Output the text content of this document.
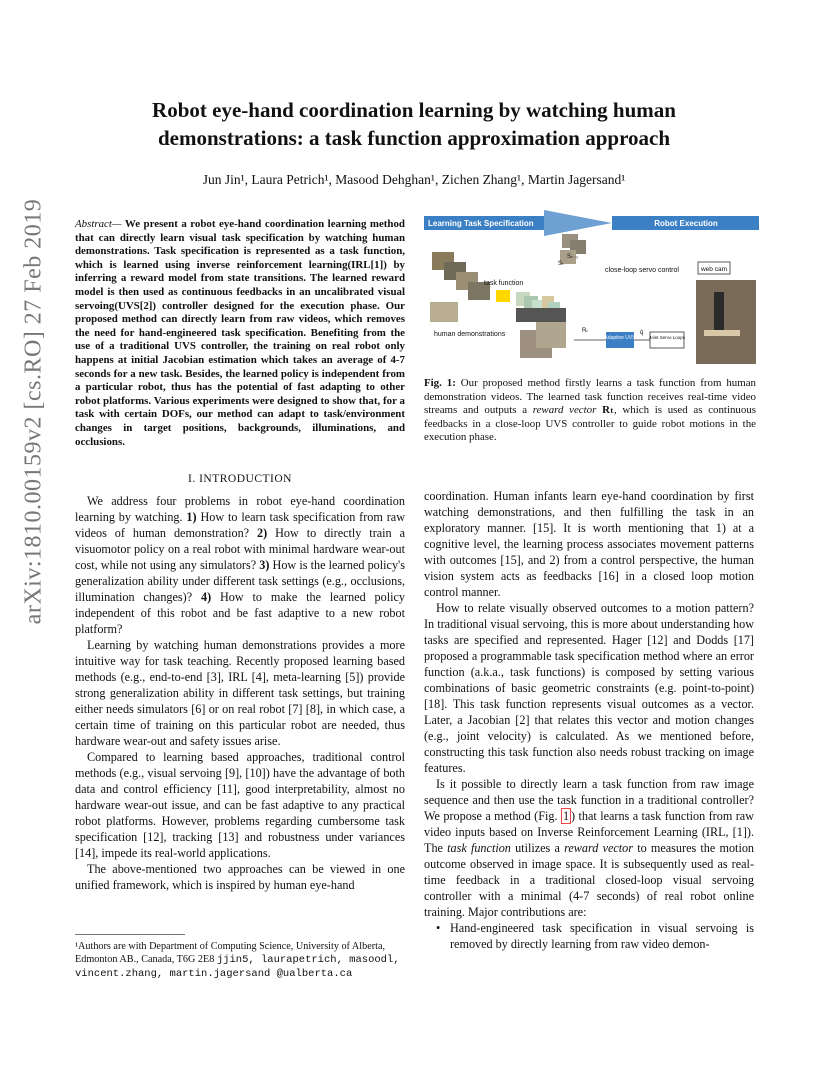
arXiv:1810.00159v2 [cs.RO] 27 Feb 2019
Robot eye-hand coordination learning by watching human
demonstrations: a task function approximation approach
Jun Jin¹, Laura Petrich¹, Masood Dehghan¹, Zichen Zhang¹, Martin Jagersand¹
Abstract— We present a robot eye-hand coordination learning method that can directly learn visual task specification by watching human demonstrations. Task specification is represented as a task function, which is learned using inverse reinforcement learning(IRL[1]) by inferring a reward model from state transitions. The learned reward model is then used as continuous feedbacks in an uncalibrated visual servoing(UVS[2]) controller designed for the execution phase. Our proposed method can directly learn from raw videos, which removes the need for hand-engineered task specification. Benefiting from the use of a traditional UVS controller, the training on real robot only happens at initial Jacobian estimation which takes an average of 4-7 seconds for a new task. Besides, the learned policy is independent from a particular robot, thus has the potential of fast adapting to other robot platforms. Various experiments were designed to show that, for a task with certain DOFs, our method can adapt to task/environment changes in target positions, backgrounds, illuminations, and occlusions.
I. INTRODUCTION

We address four problems in robot eye-hand coordination learning by watching. 1) How to learn task specification from raw videos of human demonstration? 2) How to directly train a visuomotor policy on a real robot with minimal hardware wear-out cost, while not using any simulators? 3) How is the learned policy's generalization ability under different task settings (e.g., occlusions, illumination changes)? 4) How to make the learned policy independent of this robot and be fast adaptive to a new robot platform?

Learning by watching human demonstrations provides a more intuitive way for task teaching. Recently proposed learning based methods (e.g., end-to-end [3], IRL [4], meta-learning [5]) provide strong generalization ability in different task settings, but training either needs simulators [6] or on real robot [7] [8], in which case, a certain time of training on this particular robot are needed, thus hardware wear-out and safety issues arise.

Compared to learning based approaches, traditional control methods (e.g., visual servoing [9], [10]) have the advantage of both data and control efficiency [11], good interpretability, almost no hardware wear-out issue, and can be fast adaptive to any practical robot platforms. However, problems regarding cumbersome task specification [12], tracking [13] and robustness under variances [14], impede its real-world applications.

The above-mentioned two approaches can be viewed in one unified framework, which is inspired by human eye-hand

¹Authors are with Department of Computing Science, University of Alberta, Edmonton AB., Canada, T6G 2E8 jjin5, laurapetrich, masoodl, vincent.zhang, martin.jagersand @ualberta.ca
Learning Task Specification	Robot Execution
human demonstrations
task function
Sₜ
Sₜ₋₁
close-loop servo control	web cam
Rₜ
Adaptive UVS
q̇
Joint Servo Loops
Fig. 1: Our proposed method firstly learns a task function from human demonstration videos. The learned task function receives real-time video streams and outputs a reward vector Rₜ, which is used as continuous feedbacks in a close-loop UVS controller to guide robot motions in the execution phase.

coordination. Human infants learn eye-hand coordination by first watching demonstrations, and then fulfilling the task in an exploratory manner. [15]. It is worth mentioning that 1) at a cognitive level, the learning process associates movement patterns with outcomes [15], and 2) from a control perspective, the human vision system acts as feedbacks [16] in a closed loop motion control manner.

How to relate visually observed outcomes to a motion pattern? In traditional visual servoing, this is more about understanding how tasks are specified and represented. Hager [12] and Dodds [17] proposed a programmable task specification method where an error function (a.k.a., task functions) is composed by setting various combinations of basic geometric constraints (e.g. point-to-point) [18]. This task function represents visual outcomes as a vector. Later, a Jacobian [2] that relates this vector and motion changes (e.g., joint velocity) is calculated. As we mentioned before, constructing this task function also needs robust tracking on image features.

Is it possible to directly learn a task function from raw image sequence and then use the task function in a traditional controller? We propose a method (Fig. 1 ) that learns a task function from raw video inputs based on Inverse Reinforcement Learning (IRL, [1]). The task function utilizes a reward vector to measures the motion outcome observed in image space. It is subsequently used as real-time feedback in a traditional closed-loop visual servoing controller with a minimal (4-7 seconds) of real robot online training. Major contributions are:

• Hand-engineered task specification in visual servoing is removed by directly learning from raw video demon-
